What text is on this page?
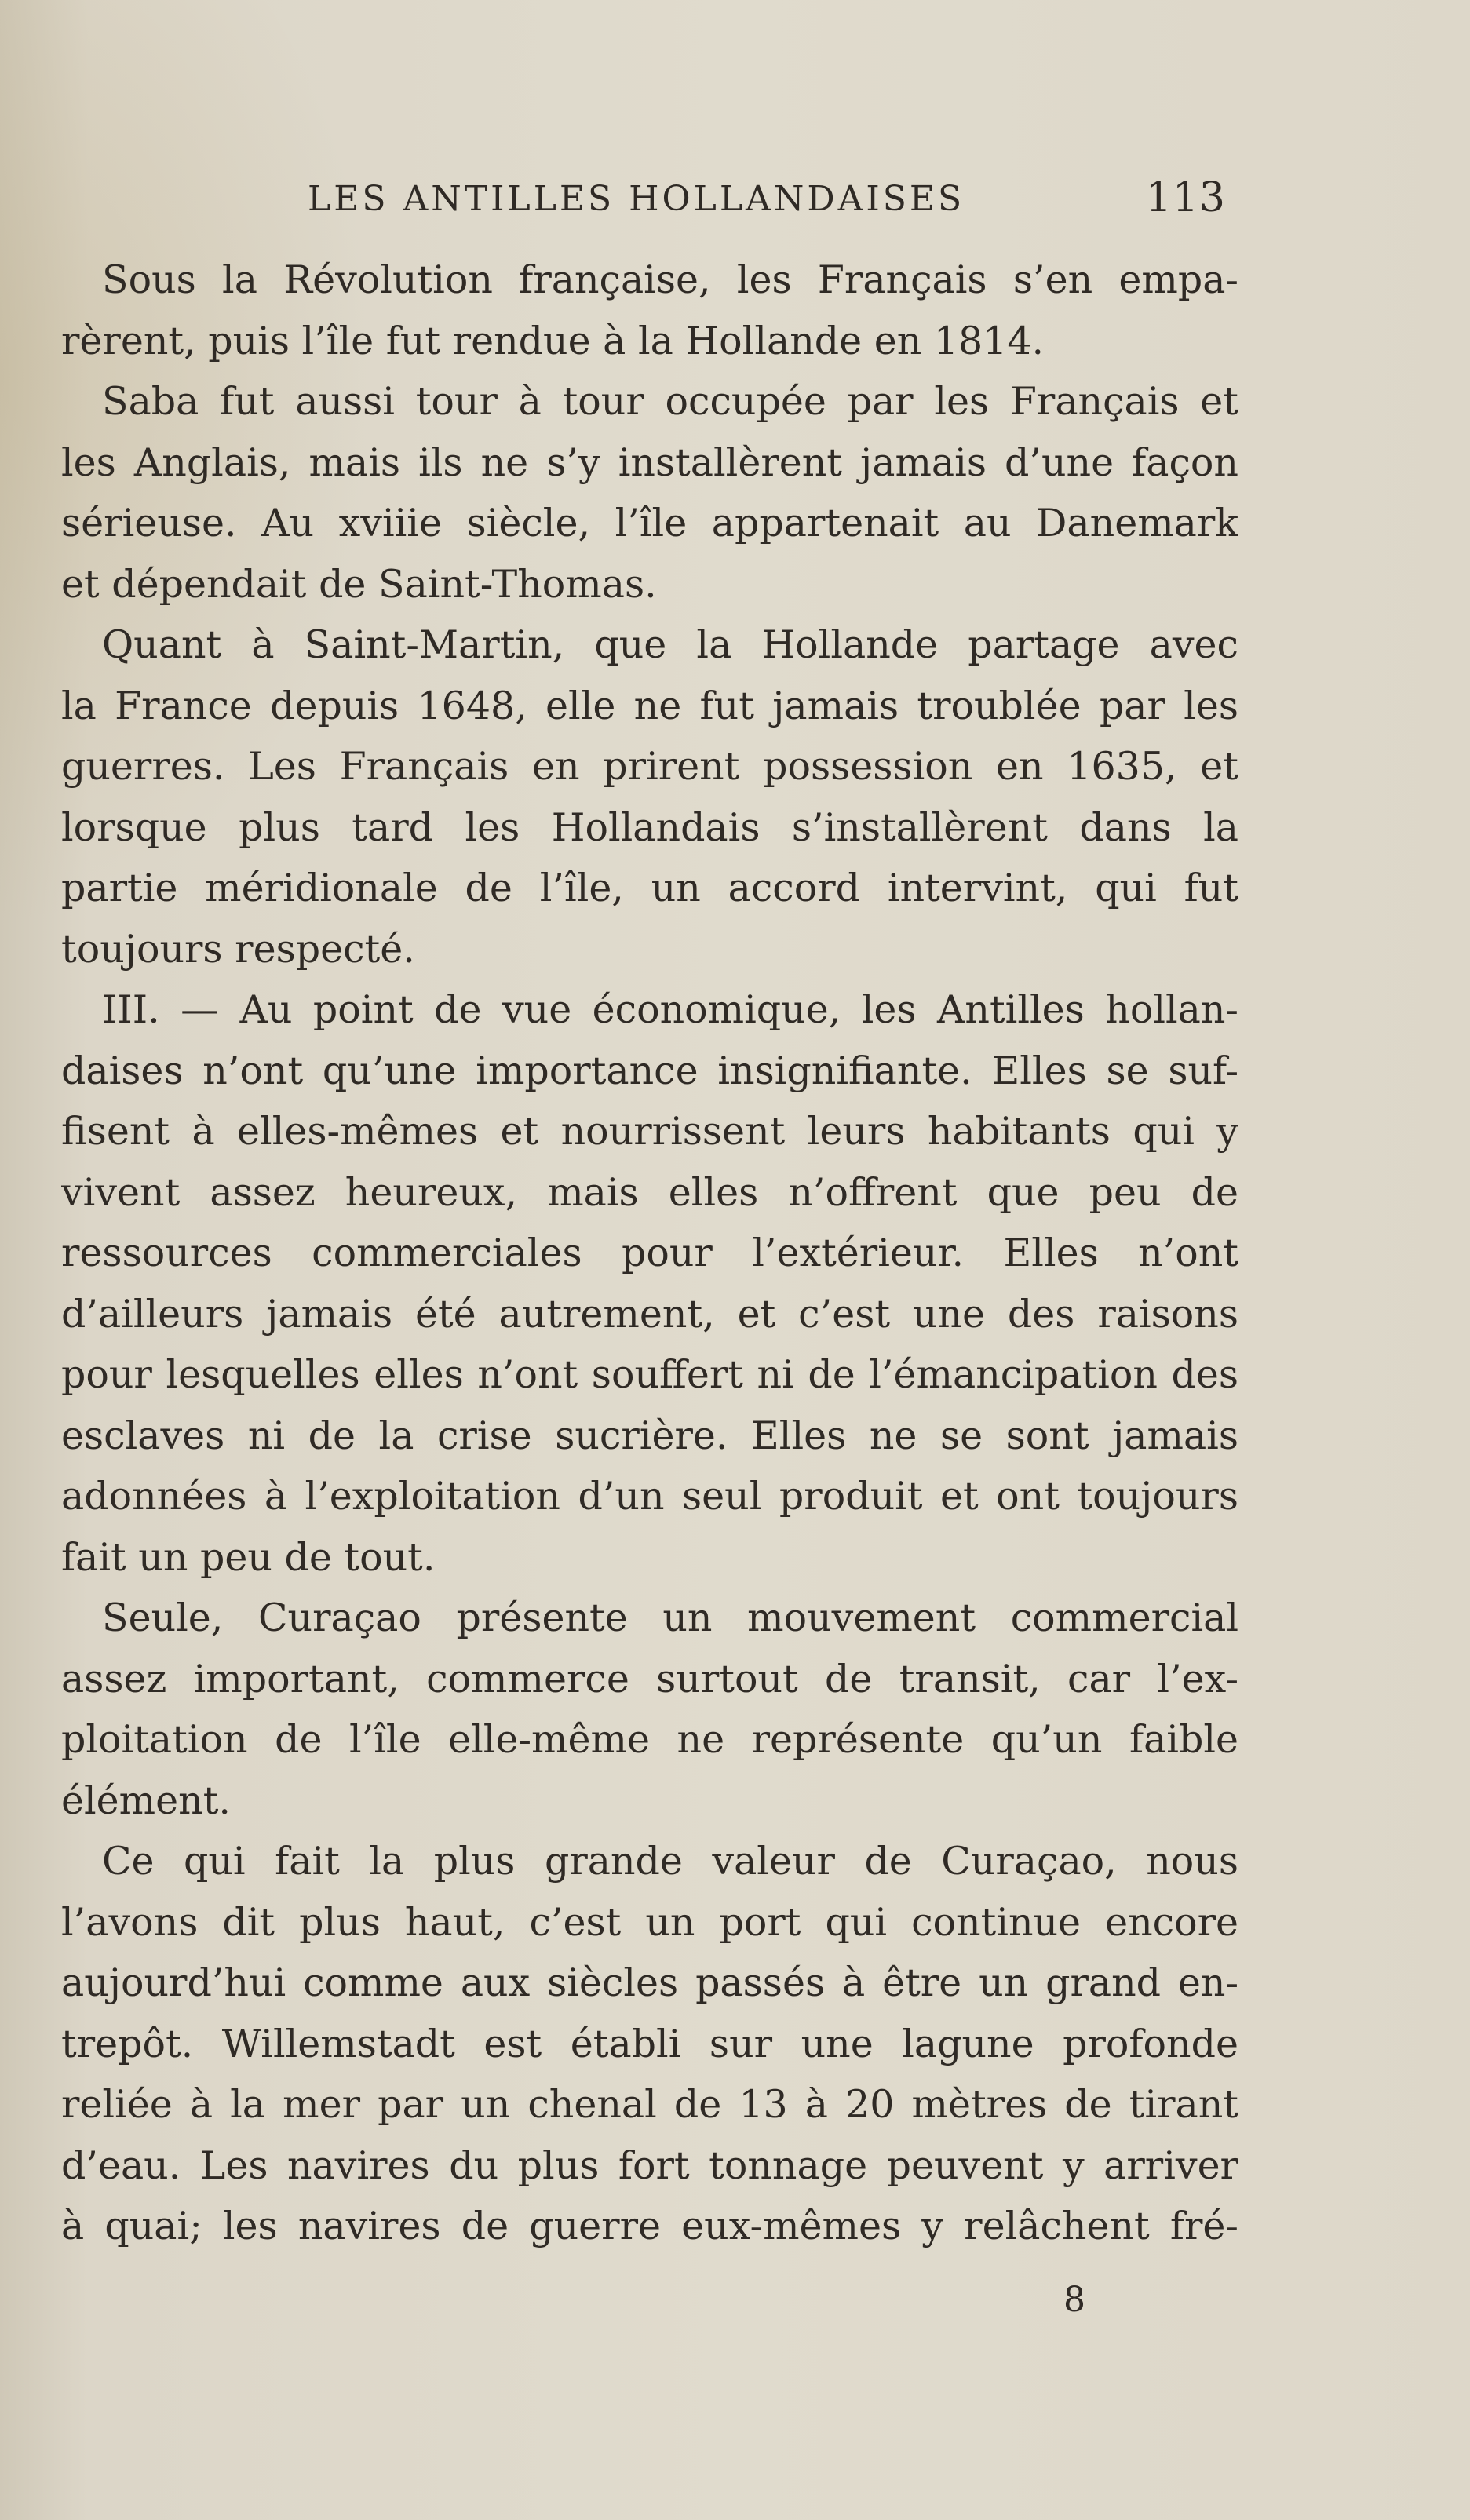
LES ANTILLES HOLLANDAISES	113
Sous la Révolution française, les Français s’en empa-
rèrent, puis l’île fut rendue à la Hollande en 1814.
Saba fut aussi tour à tour occupée par les Français et
les Anglais, mais ils ne s’y installèrent jamais d’une façon
sérieuse. Au xviiie siècle, l’île appartenait au Danemark
et dépendait de Saint-Thomas.
Quant à Saint-Martin, que la Hollande partage avec
la France depuis 1648, elle ne fut jamais troublée par les
guerres. Les Français en prirent possession en 1635, et
lorsque plus tard les Hollandais s’installèrent dans la
partie méridionale de l’île, un accord intervint, qui fut
toujours respecté.
III. — Au point de vue économique, les Antilles hollan-
daises n’ont qu’une importance insignifiante. Elles se suf-
fisent à elles-mêmes et nourrissent leurs habitants qui y
vivent assez heureux, mais elles n’offrent que peu de
ressources commerciales pour l’extérieur. Elles n’ont
d’ailleurs jamais été autrement, et c’est une des raisons
pour lesquelles elles n’ont souffert ni de l’émancipation des
esclaves ni de la crise sucrière. Elles ne se sont jamais
adonnées à l’exploitation d’un seul produit et ont toujours
fait un peu de tout.
Seule, Curaçao présente un mouvement commercial
assez important, commerce surtout de transit, car l’ex-
ploitation de l’île elle-même ne représente qu’un faible
élément.
Ce qui fait la plus grande valeur de Curaçao, nous
l’avons dit plus haut, c’est un port qui continue encore
aujourd’hui comme aux siècles passés à être un grand en-
trepôt. Willemstadt est établi sur une lagune profonde
reliée à la mer par un chenal de 13 à 20 mètres de tirant
d’eau. Les navires du plus fort tonnage peuvent y arriver
à quai; les navires de guerre eux-mêmes y relâchent fré-
8
